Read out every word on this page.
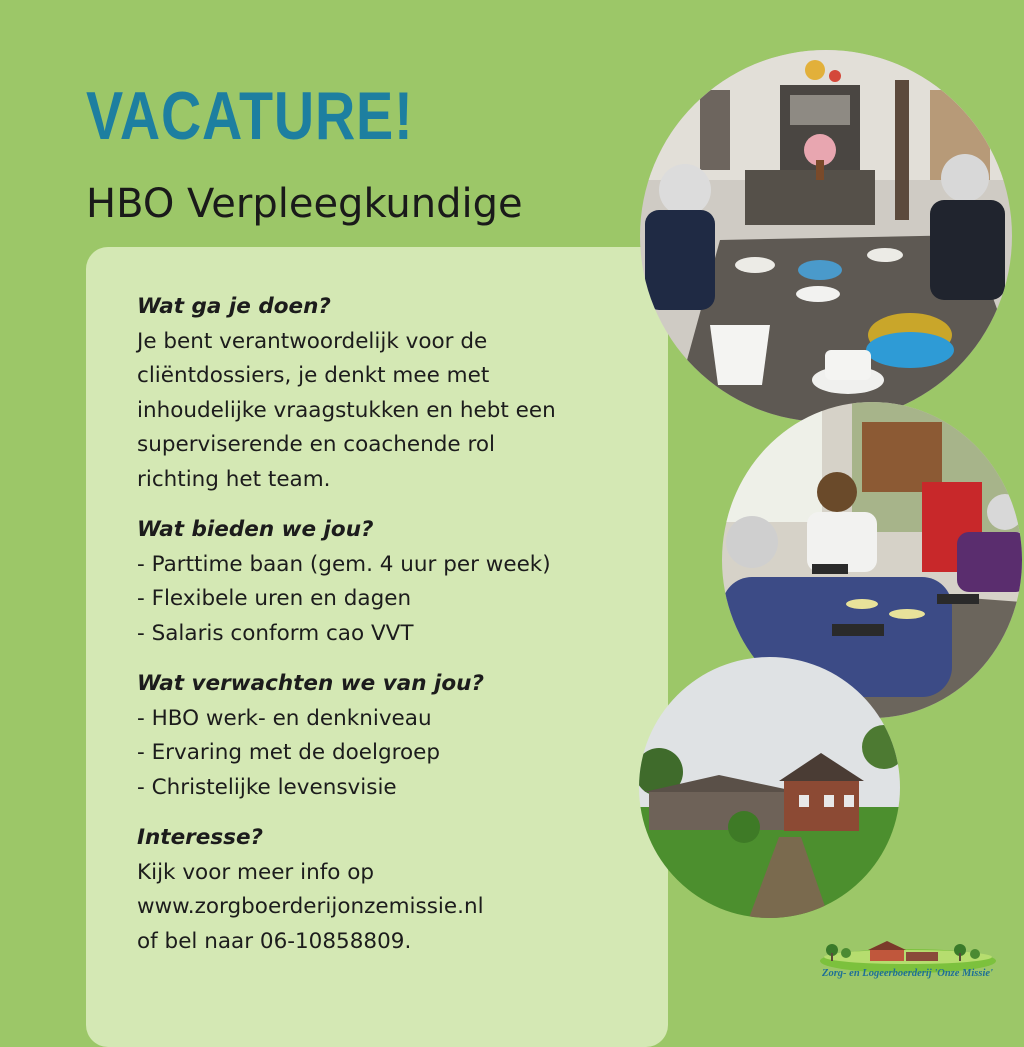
VACATURE!
HBO Verpleegkundige
Wat ga je doen?
Je bent verantwoordelijk voor de
cliëntdossiers, je denkt mee met
inhoudelijke vraagstukken en hebt een
superviserende en coachende rol
richting het team.
Wat bieden we jou?
- Parttime baan (gem. 4 uur per week)
- Flexibele uren en dagen
- Salaris conform cao VVT
Wat verwachten we van jou?
- HBO werk- en denkniveau
- Ervaring met de doelgroep
- Christelijke levensvisie
Interesse?
Kijk voor meer info op
www.zorgboerderijonzemissie.nl
of bel naar 06-10858809.
Zorg- en Logeerboerderij 'Onze Missie'
